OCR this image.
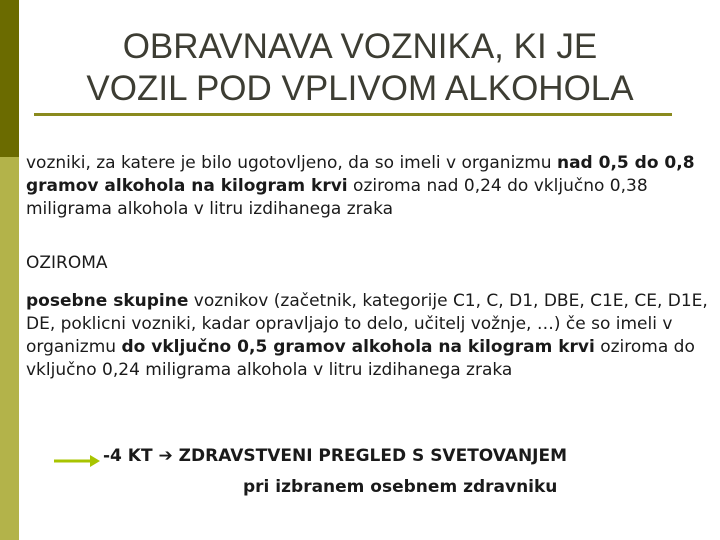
OBRAVNAVA VOZNIKA, KI JE
VOZIL POD VPLIVOM ALKOHOLA
vozniki, za katere je bilo ugotovljeno, da so imeli v organizmu nad 0,5 do 0,8 gramov alkohola na kilogram krvi oziroma nad 0,24 do vključno 0,38 miligrama alkohola v litru izdihanega zraka
OZIROMA
posebne skupine voznikov (začetnik, kategorije C1, C, D1, DBE, C1E, CE, D1E, DE, poklicni vozniki, kadar opravljajo to delo, učitelj vožnje, …) če so imeli v organizmu do vključno 0,5 gramov alkohola na kilogram krvi oziroma do vključno 0,24 miligrama alkohola v litru izdihanega zraka
-4 KT ➔ ZDRAVSTVENI PREGLED S SVETOVANJEM
pri izbranem osebnem zdravniku
